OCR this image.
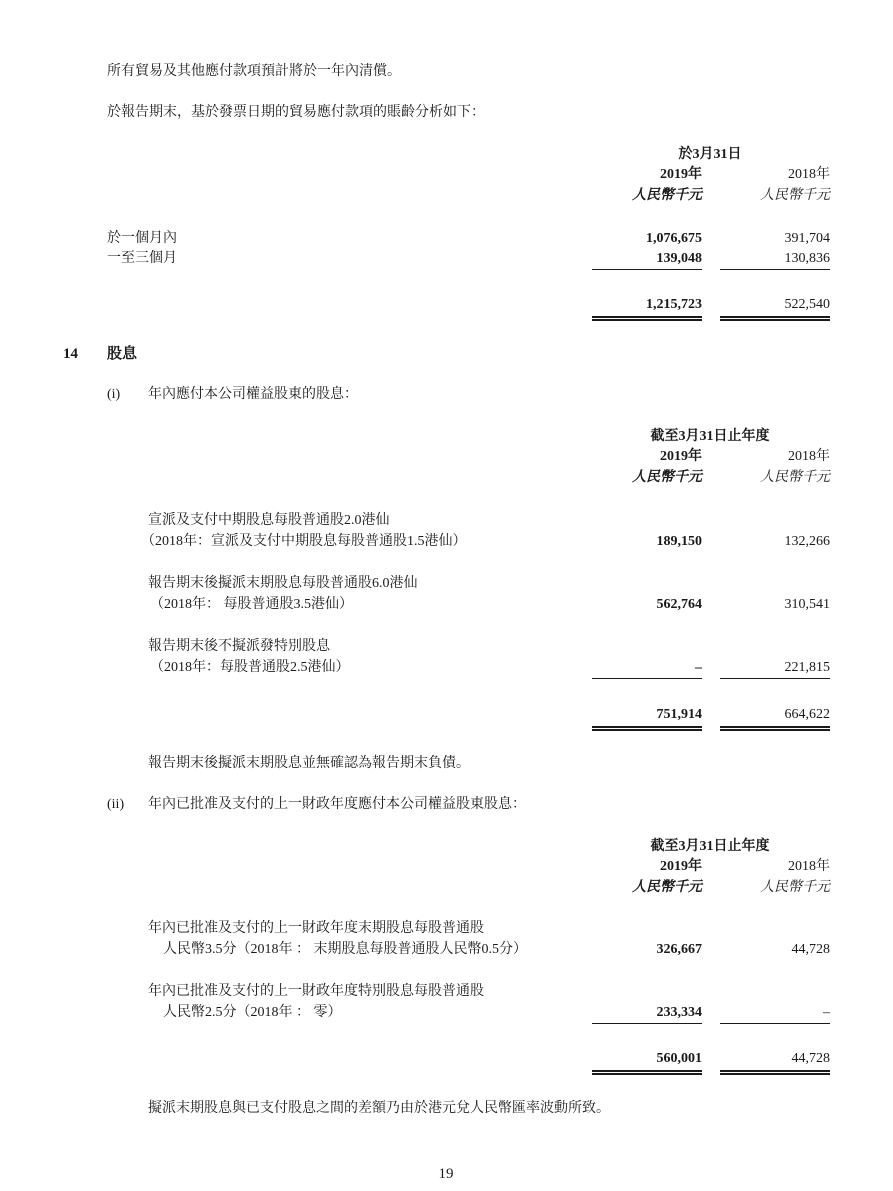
所有貿易及其他應付款項預計將於一年內清償。
於報告期末，基於發票日期的貿易應付款項的賬齡分析如下：
於3月31日
2019年	2018年
人民幣千元	人民幣千元
於一個月內	1,076,675	391,704
一至三個月	139,048	130,836
1,215,723	522,540
14 股息
(i) 年內應付本公司權益股東的股息：
截至3月31日止年度
2019年	2018年
人民幣千元	人民幣千元
宣派及支付中期股息每股普通股2.0港仙
（2018年：宣派及支付中期股息每股普通股1.5港仙）	189,150	132,266
報告期末後擬派末期股息每股普通股6.0港仙
（2018年： 每股普通股3.5港仙）	562,764	310,541
報告期末後不擬派發特別股息
（2018年：每股普通股2.5港仙）	–	221,815
751,914	664,622
報告期末後擬派末期股息並無確認為報告期末負債。
(ii) 年內已批准及支付的上一財政年度應付本公司權益股東股息：
截至3月31日止年度
2019年	2018年
人民幣千元	人民幣千元
年內已批准及支付的上一財政年度末期股息每股普通股
人民幣3.5分（2018年 ： 末期股息每股普通股人民幣0.5分）	326,667	44,728
年內已批准及支付的上一財政年度特別股息每股普通股
人民幣2.5分（2018年 ： 零）	233,334	–
560,001	44,728
擬派末期股息與已支付股息之間的差額乃由於港元兌人民幣匯率波動所致。
19
